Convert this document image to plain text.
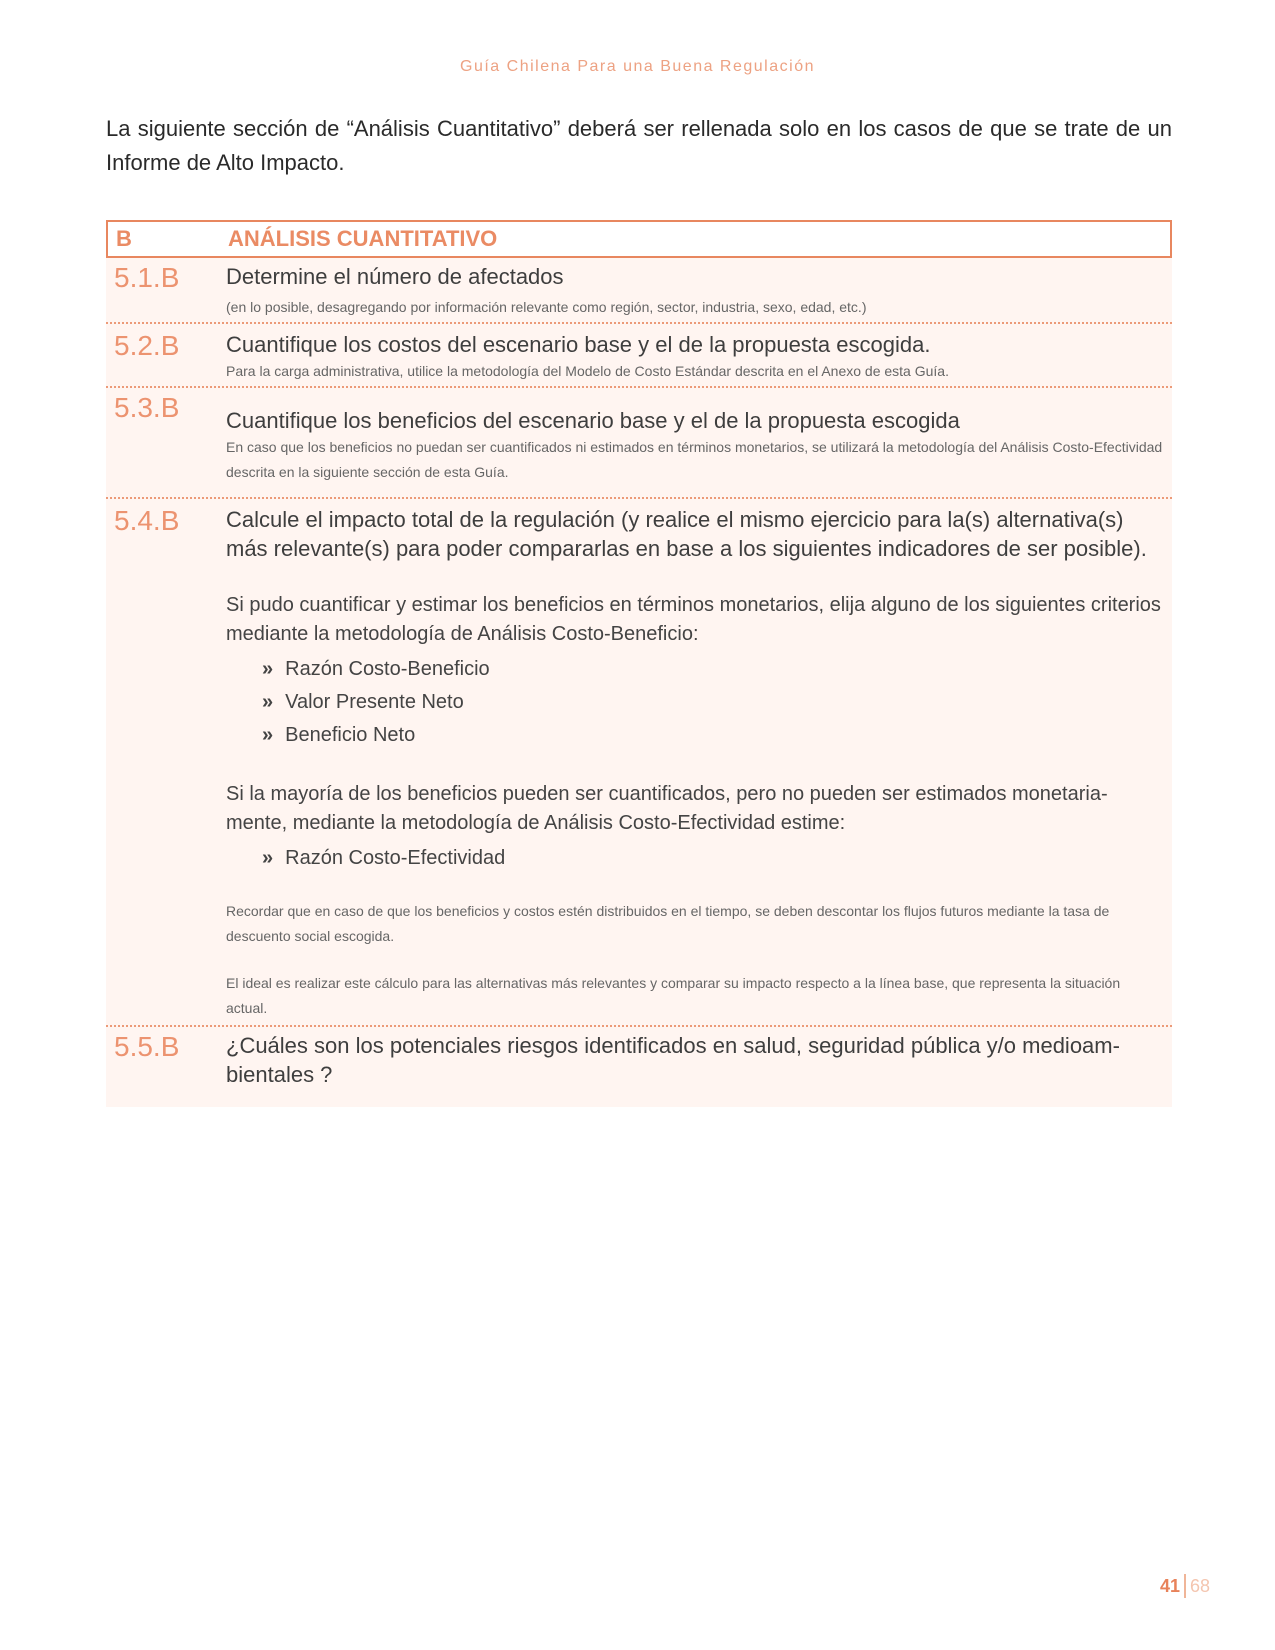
Guía Chilena Para una Buena Regulación

La siguiente sección de “Análisis Cuantitativo” deberá ser rellenada solo en los casos de que se trate de un Informe de Alto Impacto.

B	ANÁLISIS CUANTITATIVO
5.1.B	Determine el número de afectados
(en lo posible, desagregando por información relevante como región, sector, industria, sexo, edad, etc.)
5.2.B	Cuantifique los costos del escenario base y el de la propuesta escogida.
Para la carga administrativa, utilice la metodología del Modelo de Costo Estándar descrita en el Anexo de esta Guía.
5.3.B	Cuantifique los beneficios del escenario base y el de la propuesta escogida
En caso que los beneficios no puedan ser cuantificados ni estimados en términos monetarios, se utilizará la metodología del Análisis Costo-Efectividad descrita en la siguiente sección de esta Guía.
5.4.B	Calcule el impacto total de la regulación (y realice el mismo ejercicio para la(s) alternativa(s) más relevante(s) para poder compararlas en base a los siguientes indicadores de ser posible).
Si pudo cuantificar y estimar los beneficios en términos monetarios, elija alguno de los siguientes criterios mediante la metodología de Análisis Costo-Beneficio:
» Razón Costo-Beneficio
» Valor Presente Neto
» Beneficio Neto
Si la mayoría de los beneficios pueden ser cuantificados, pero no pueden ser estimados monetaria-mente, mediante la metodología de Análisis Costo-Efectividad estime:
» Razón Costo-Efectividad
Recordar que en caso de que los beneficios y costos estén distribuidos en el tiempo, se deben descontar los flujos futuros mediante la tasa de descuento social escogida.
El ideal es realizar este cálculo para las alternativas más relevantes y comparar su impacto respecto a la línea base, que representa la situación actual.
5.5.B	¿Cuáles son los potenciales riesgos identificados en salud, seguridad pública y/o medioam-bientales ?
41 68
